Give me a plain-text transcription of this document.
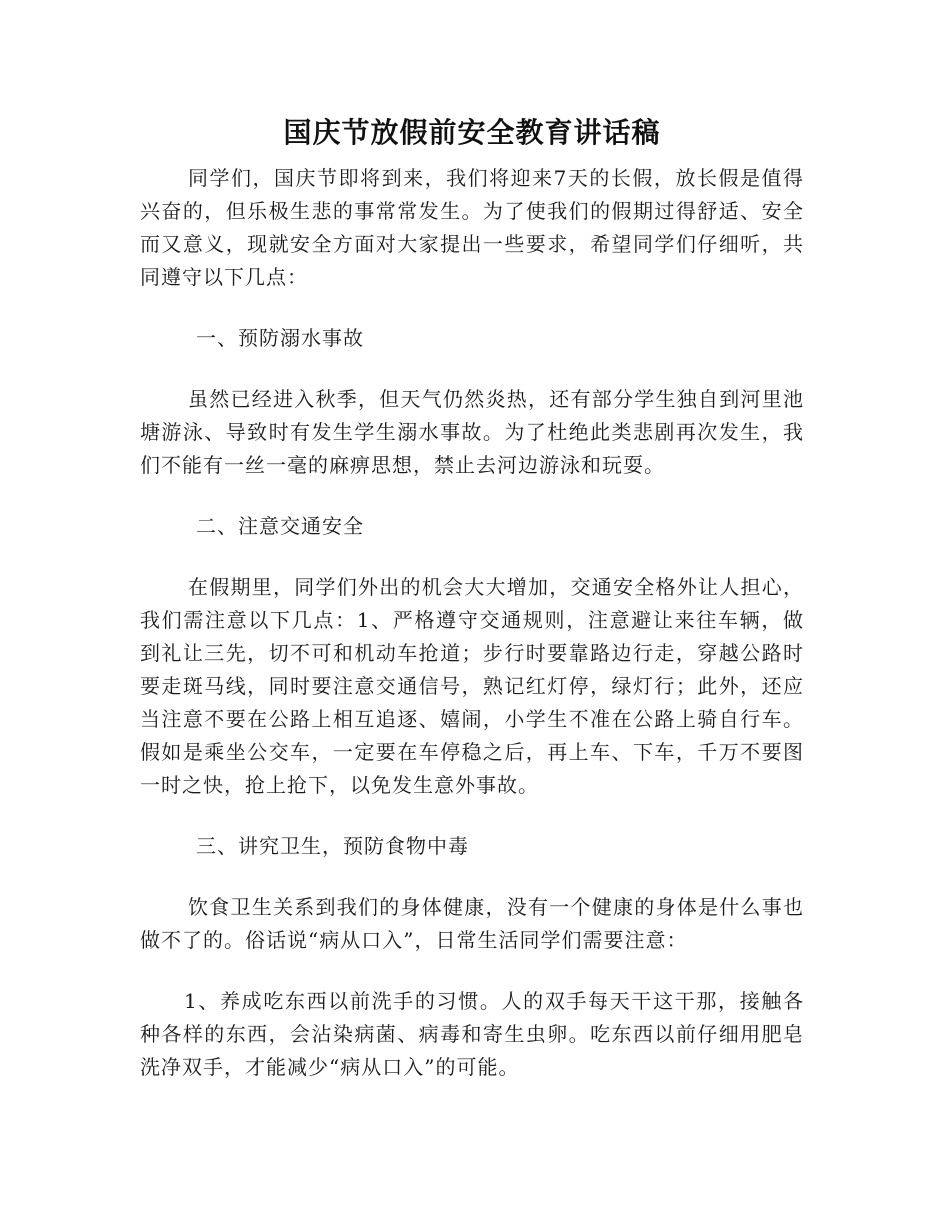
国庆节放假前安全教育讲话稿

同学们，国庆节即将到来，我们将迎来7天的长假，放长假是值得兴奋的，但乐极生悲的事常常发生。为了使我们的假期过得舒适、安全而又意义，现就安全方面对大家提出一些要求，希望同学们仔细听，共同遵守以下几点：

一、预防溺水事故

虽然已经进入秋季，但天气仍然炎热，还有部分学生独自到河里池塘游泳、导致时有发生学生溺水事故。为了杜绝此类悲剧再次发生，我们不能有一丝一毫的麻痹思想，禁止去河边游泳和玩耍。

二、注意交通安全

在假期里，同学们外出的机会大大增加，交通安全格外让人担心，我们需注意以下几点：1、严格遵守交通规则，注意避让来往车辆，做到礼让三先，切不可和机动车抢道；步行时要靠路边行走，穿越公路时要走斑马线，同时要注意交通信号，熟记红灯停，绿灯行；此外，还应当注意不要在公路上相互追逐、嬉闹，小学生不准在公路上骑自行车。假如是乘坐公交车，一定要在车停稳之后，再上车、下车，千万不要图一时之快，抢上抢下，以免发生意外事故。

三、讲究卫生，预防食物中毒

饮食卫生关系到我们的身体健康，没有一个健康的身体是什么事也做不了的。俗话说“病从口入”，日常生活同学们需要注意：

1、养成吃东西以前洗手的习惯。人的双手每天干这干那，接触各种各样的东西，会沾染病菌、病毒和寄生虫卵。吃东西以前仔细用肥皂洗净双手，才能减少“病从口入”的可能。
